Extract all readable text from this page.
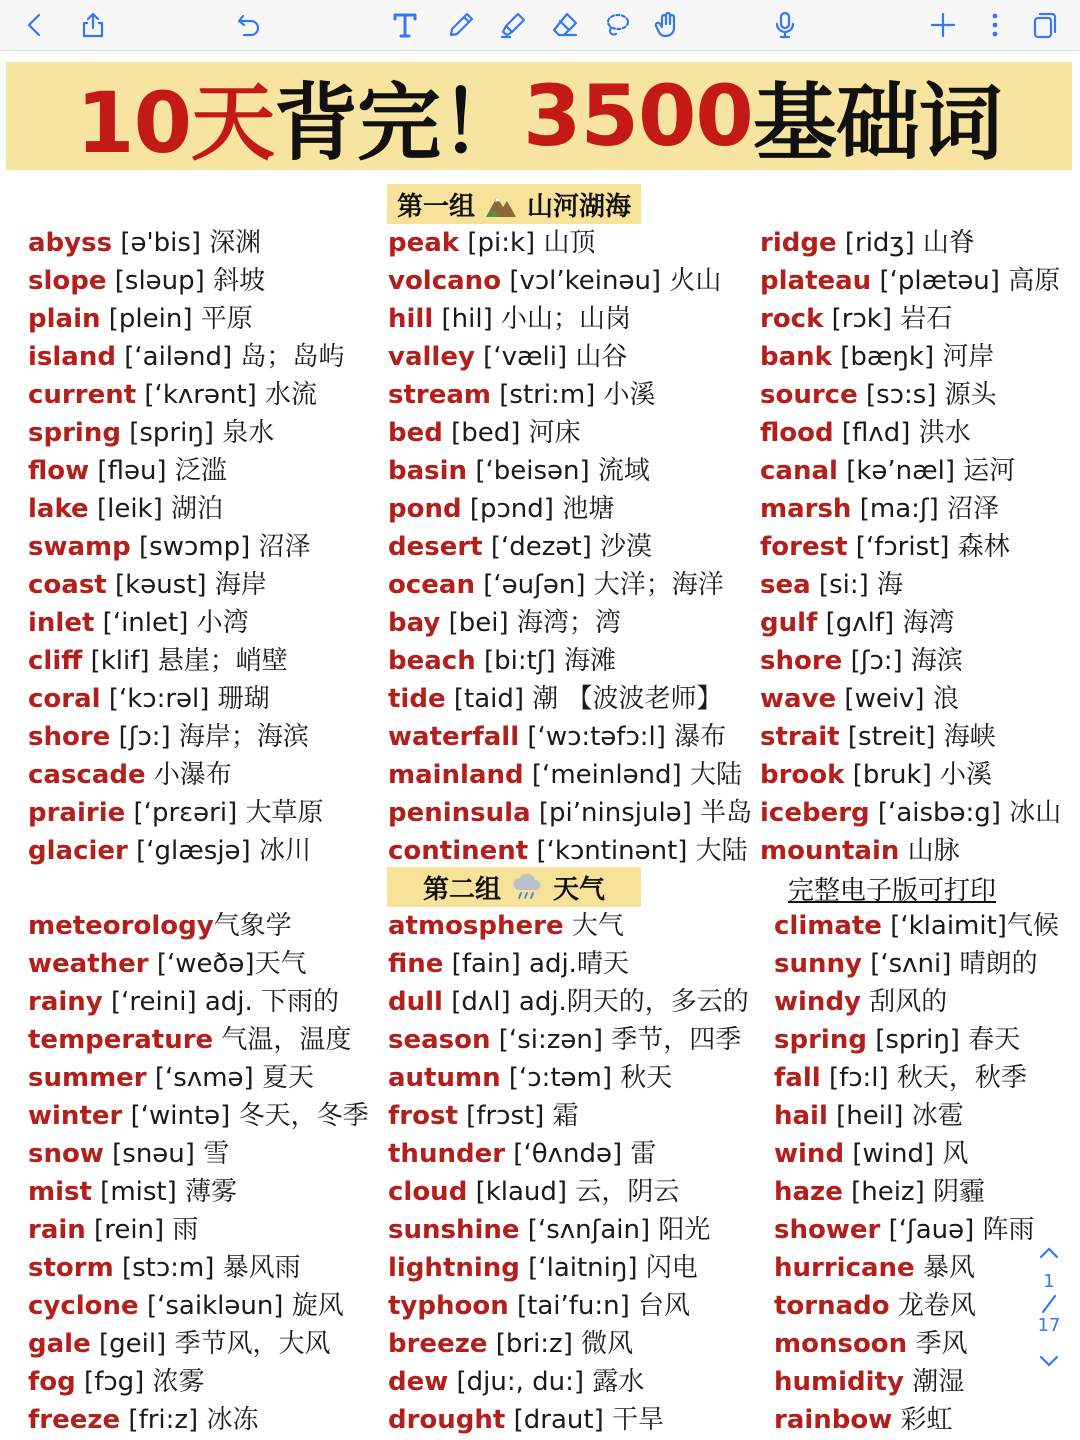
10天 背完！ 3500 基础词
第一组 山河湖海
abyss [ə'bis] 深渊
slope [sləup] 斜坡
plain [plein] 平原
island [‘ailənd] 岛；岛屿
current [‘kʌrənt] 水流
spring [spriŋ] 泉水
flow [fləu] 泛滥
lake [leik] 湖泊
swamp [swɔmp] 沼泽
coast [kəust] 海岸
inlet [‘inlet] 小湾
cliff [klif] 悬崖；峭壁
coral [‘kɔ:rəl] 珊瑚
shore [ʃɔ:] 海岸；海滨
cascade 小瀑布
prairie [‘prɛəri] 大草原
glacier [‘glæsjə] 冰川
peak [pi:k] 山顶
volcano [vɔl’keinəu] 火山
hill [hil] 小山；山岗
valley [‘væli] 山谷
stream [stri:m] 小溪
bed [bed] 河床
basin [‘beisən] 流域
pond [pɔnd] 池塘
desert [‘dezət] 沙漠
ocean [‘əuʃən] 大洋；海洋
bay [bei] 海湾；湾
beach [bi:tʃ] 海滩
tide [taid] 潮 【波波老师】
waterfall [‘wɔ:təfɔ:l] 瀑布
mainland [‘meinlənd] 大陆
peninsula [pi’ninsjulə] 半岛
continent [‘kɔntinənt] 大陆
ridge [ridʒ] 山脊
plateau [‘plætəu] 高原
rock [rɔk] 岩石
bank [bæŋk] 河岸
source [sɔ:s] 源头
flood [flʌd] 洪水
canal [kə’næl] 运河
marsh [ma:ʃ] 沼泽
forest [‘fɔrist] 森林
sea [si:] 海
gulf [gʌlf] 海湾
shore [ʃɔ:] 海滨
wave [weiv] 浪
strait [streit] 海峡
brook [bruk] 小溪
iceberg [‘aisbə:g] 冰山
mountain 山脉
第二组 天气	完整电子版可打印
meteorology气象学
weather [‘weðə]天气
rainy [‘reini] adj. 下雨的
temperature 气温，温度
summer [‘sʌmə] 夏天
winter [‘wintə] 冬天，冬季
snow [snəu] 雪
mist [mist] 薄雾
rain [rein] 雨
storm [stɔ:m] 暴风雨
cyclone [‘saikləun] 旋风
gale [geil] 季节风，大风
fog [fɔg] 浓雾
freeze [fri:z] 冰冻
atmosphere 大气
fine [fain] adj.晴天
dull [dʌl] adj.阴天的，多云的
season [‘si:zən] 季节，四季
autumn [‘ɔ:təm] 秋天
frost [frɔst] 霜
thunder [‘θʌndə] 雷
cloud [klaud] 云，阴云
sunshine [‘sʌnʃain] 阳光
lightning [‘laitniŋ] 闪电
typhoon [tai’fu:n] 台风
breeze [bri:z] 微风
dew [dju:, du:] 露水
drought [draut] 干旱
climate [‘klaimit]气候
sunny [‘sʌni] 晴朗的
windy 刮风的
spring [spriŋ] 春天
fall [fɔ:l] 秋天，秋季
hail [heil] 冰雹
wind [wind] 风
haze [heiz] 阴霾
shower [‘ʃauə] 阵雨
hurricane 暴风
tornado 龙卷风
monsoon 季风
humidity 潮湿
rainbow 彩虹
1
17
